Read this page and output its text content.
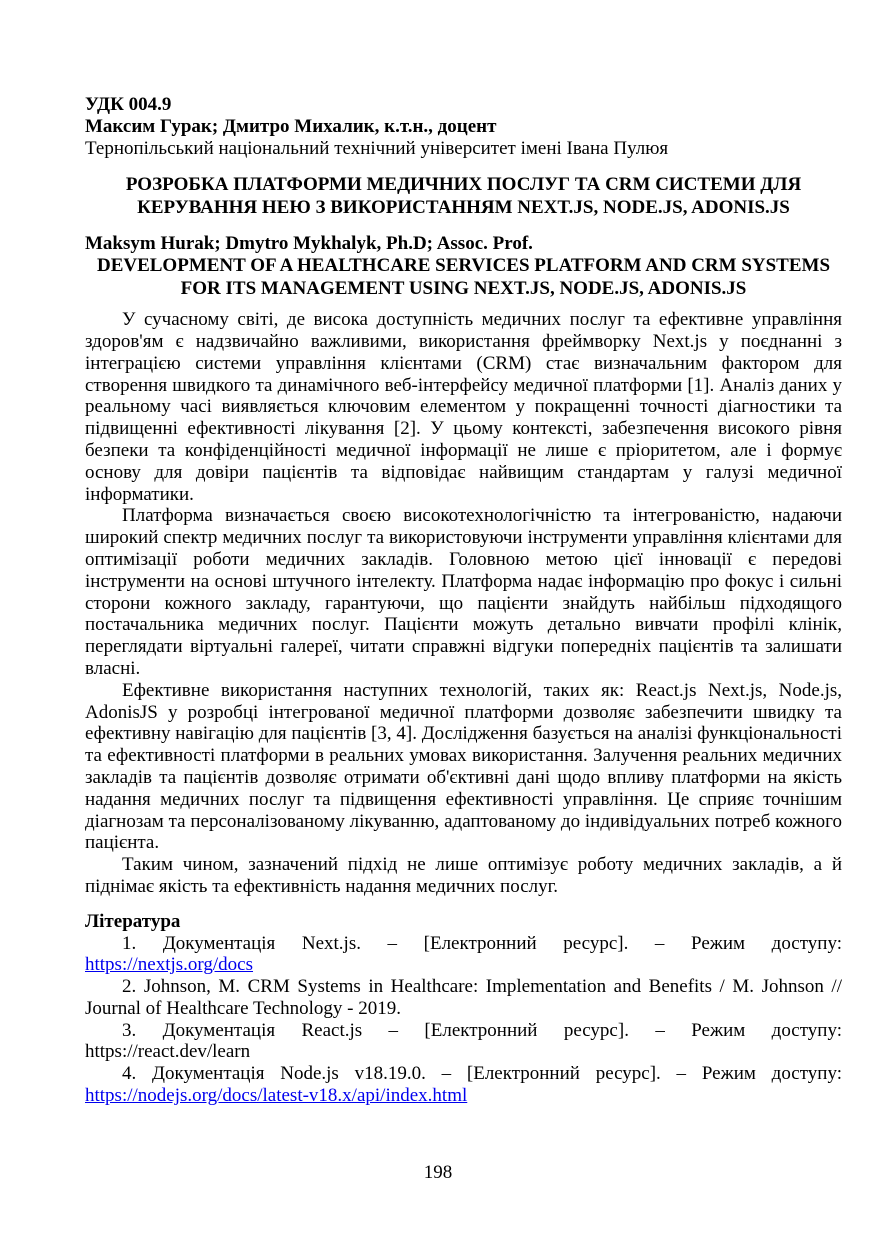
УДК 004.9
Максим Гурак; Дмитро Михалик, к.т.н., доцент
Тернопільський національний технічний університет імені Івана Пулюя
РОЗРОБКА ПЛАТФОРМИ МЕДИЧНИХ ПОСЛУГ ТА CRM СИСТЕМИ ДЛЯ КЕРУВАННЯ НЕЮ З ВИКОРИСТАННЯМ NEXT.JS, NODE.JS, ADONIS.JS
Maksym Hurak; Dmytro Mykhalyk, Ph.D; Assoc. Prof.
DEVELOPMENT OF A HEALTHCARE SERVICES PLATFORM AND CRM SYSTEMS FOR ITS MANAGEMENT USING NEXT.JS, NODE.JS, ADONIS.JS

У сучасному світі, де висока доступність медичних послуг та ефективне управління здоров'ям є надзвичайно важливими, використання фреймворку Next.js у поєднанні з інтеграцією системи управління клієнтами (CRM) стає визначальним фактором для створення швидкого та динамічного веб-інтерфейсу медичної платформи [1]. Аналіз даних у реальному часі виявляється ключовим елементом у покращенні точності діагностики та підвищенні ефективності лікування [2]. У цьому контексті, забезпечення високого рівня безпеки та конфіденційності медичної інформації не лише є пріоритетом, але і формує основу для довіри пацієнтів та відповідає найвищим стандартам у галузі медичної інформатики.

Платформа визначається своєю високотехнологічністю та інтегрованістю, надаючи широкий спектр медичних послуг та використовуючи інструменти управління клієнтами для оптимізації роботи медичних закладів. Головною метою цієї інновації є передові інструменти на основі штучного інтелекту. Платформа надає інформацію про фокус і сильні сторони кожного закладу, гарантуючи, що пацієнти знайдуть найбільш підходящого постачальника медичних послуг. Пацієнти можуть детально вивчати профілі клінік, переглядати віртуальні галереї, читати справжні відгуки попередніх пацієнтів та залишати власні.

Ефективне використання наступних технологій, таких як: React.js Next.js, Node.js, AdonisJS у розробці інтегрованої медичної платформи дозволяє забезпечити швидку та ефективну навігацію для пацієнтів [3, 4]. Дослідження базується на аналізі функціональності та ефективності платформи в реальних умовах використання. Залучення реальних медичних закладів та пацієнтів дозволяє отримати об'єктивні дані щодо впливу платформи на якість надання медичних послуг та підвищення ефективності управління. Це сприяє точнішим діагнозам та персоналізованому лікуванню, адаптованому до індивідуальних потреб кожного пацієнта.

Таким чином, зазначений підхід не лише оптимізує роботу медичних закладів, а й піднімає якість та ефективність надання медичних послуг.

Література
1. Документація Next.js. – [Електронний ресурс]. – Режим доступу:
https://nextjs.org/docs

2. Johnson, M. CRM Systems in Healthcare: Implementation and Benefits / M. Johnson // Journal of Healthcare Technology - 2019.

3. Документація React.js – [Електронний ресурс]. – Режим доступу:
https://react.dev/learn
4. Документація Node.js v18.19.0. – [Електронний ресурс]. – Режим доступу:
https://nodejs.org/docs/latest-v18.x/api/index.html
198
